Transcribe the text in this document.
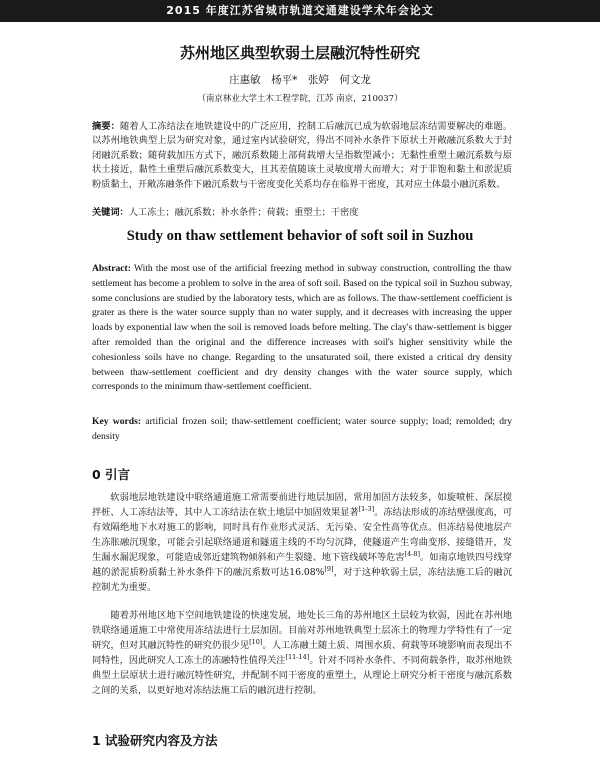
2015 年度江苏省城市轨道交通建设学术年会论文
苏州地区典型软弱土层融沉特性研究
庄惠敏　杨平*　张婷　何文龙
（南京林业大学土木工程学院，江苏 南京，210037）
摘要：随着人工冻结法在地铁建设中的广泛应用，控制工后融沉已成为软弱地层冻结需要解决的难题。以苏州地铁典型上层为研究对象，通过室内试验研究，得出不同补水条件下原状土开敞融沉系数大于封闭融沉系数；随荷载加压方式下，融沉系数随上部荷载增大呈指数型减小；无黏性重塑土融沉系数与原状土接近，黏性土重塑后融沉系数变大，且其差值随该土灵敏度增大而增大；对于非饱和黏土和淤泥质粉质黏土，开敞冻融条件下融沉系数与干密度变化关系均存在临界干密度，其对应土体最小融沉系数。
关键词：人工冻土；融沉系数；补水条件；荷载；重塑土；干密度
Study on thaw settlement behavior of soft soil in Suzhou
Abstract: With the most use of the artificial freezing method in subway construction, controlling the thaw settlement has become a problem to solve in the area of soft soil. Based on the typical soil in Suzhou subway, some conclusions are studied by the laboratory tests, which are as follows. The thaw-settlement coefficient is grater as there is the water source supply than no water supply, and it decreases with increasing the upper loads by exponential law when the soil is removed loads before melting. The clay's thaw-settlement is bigger after remolded than the original and the difference increases with soil's higher sensitivity while the cohesionless soils have no change. Regarding to the unsaturated soil, there existed a critical dry density between thaw-settlement coefficient and dry density changes with the water source supply, which corresponds to the minimum thaw-settlement coefficient.
Key words: artificial frozen soil; thaw-settlement coefficient; water source supply; load; remolded; dry density
0 引言
软弱地层地铁建设中联络通道施工常需要前进行地层加固，常用加固方法较多，如旋喷桩、深层搅拌桩、人工冻结法等，其中人工冻结法在软土地层中加固效果显著[1-3]。冻结法形成的冻结壁强度高，可有效隔绝地下水对施工的影响，同时具有作业形式灵活、无污染、安全性高等优点。但冻结易使地层产生冻胀融沉现象，可能会引起联络通道和隧道主线的不均匀沉降，使隧道产生弯曲变形、接缝错开，发生漏水漏泥现象，可能造成邻近建筑物倾斜和产生裂缝、地下管线破坏等危害[4-8]。如南京地铁四号线穿越的淤泥质粉质黏土补水条件下的融沉系数可达16.08%[9]，对于这种软弱土层，冻结法施工后的融沉控制尤为重要。
随着苏州地区地下空间地铁建设的快速发展，地处长三角的苏州地区土层较为软弱，因此在苏州地铁联络通道施工中常使用冻结法进行土层加固。目前对苏州地铁典型土层冻土的物理力学特性有了一定研究，但对其融沉特性的研究仍很少见[10]。人工冻融土随土质、周围水质、荷载等环境影响而表现出不同特性，因此研究人工冻土的冻融特性值得关注[11-14]。针对不同补水条件、不同荷载条件，取苏州地铁典型土层原状土进行融沉特性研究，并配制不同干密度的重塑土，从理论上研究分析干密度与融沉系数之间的关系，以更好地对冻结法施工后的融沉进行控制。
1 试验研究内容及方法
